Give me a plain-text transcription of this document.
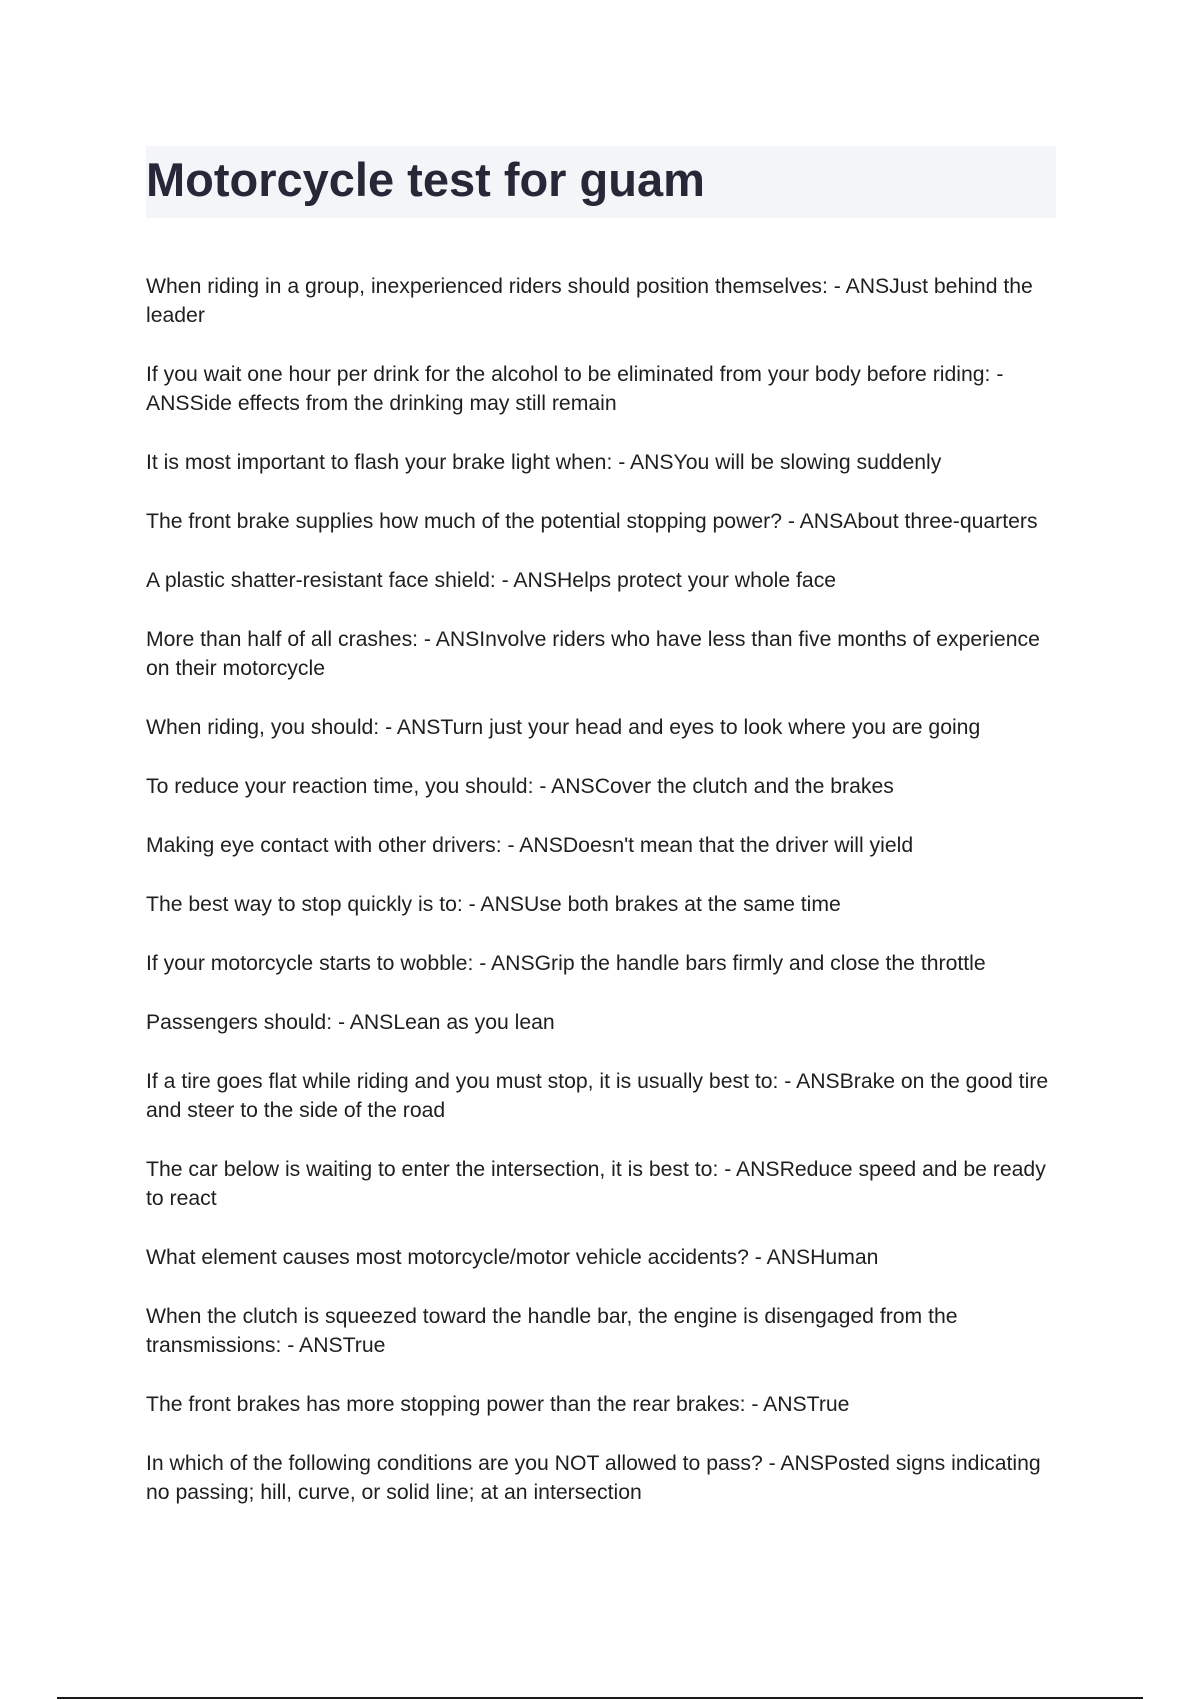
Motorcycle test for guam
When riding in a group, inexperienced riders should position themselves: - ANSJust behind the leader
If you wait one hour per drink for the alcohol to be eliminated from your body before riding: - ANSSide effects from the drinking may still remain
It is most important to flash your brake light when: - ANSYou will be slowing suddenly
The front brake supplies how much of the potential stopping power? - ANSAbout three-quarters
A plastic shatter-resistant face shield: - ANSHelps protect your whole face
More than half of all crashes: - ANSInvolve riders who have less than five months of experience on their motorcycle
When riding, you should: - ANSTurn just your head and eyes to look where you are going
To reduce your reaction time, you should: - ANSCover the clutch and the brakes
Making eye contact with other drivers: - ANSDoesn't mean that the driver will yield
The best way to stop quickly is to: - ANSUse both brakes at the same time
If your motorcycle starts to wobble: - ANSGrip the handle bars firmly and close the throttle
Passengers should: - ANSLean as you lean
If a tire goes flat while riding and you must stop, it is usually best to: - ANSBrake on the good tire and steer to the side of the road
The car below is waiting to enter the intersection, it is best to: - ANSReduce speed and be ready to react
What element causes most motorcycle/motor vehicle accidents? - ANSHuman
When the clutch is squeezed toward the handle bar, the engine is disengaged from the transmissions: - ANSTrue
The front brakes has more stopping power than the rear brakes: - ANSTrue
In which of the following conditions are you NOT allowed to pass? - ANSPosted signs indicating no passing; hill, curve, or solid line; at an intersection
